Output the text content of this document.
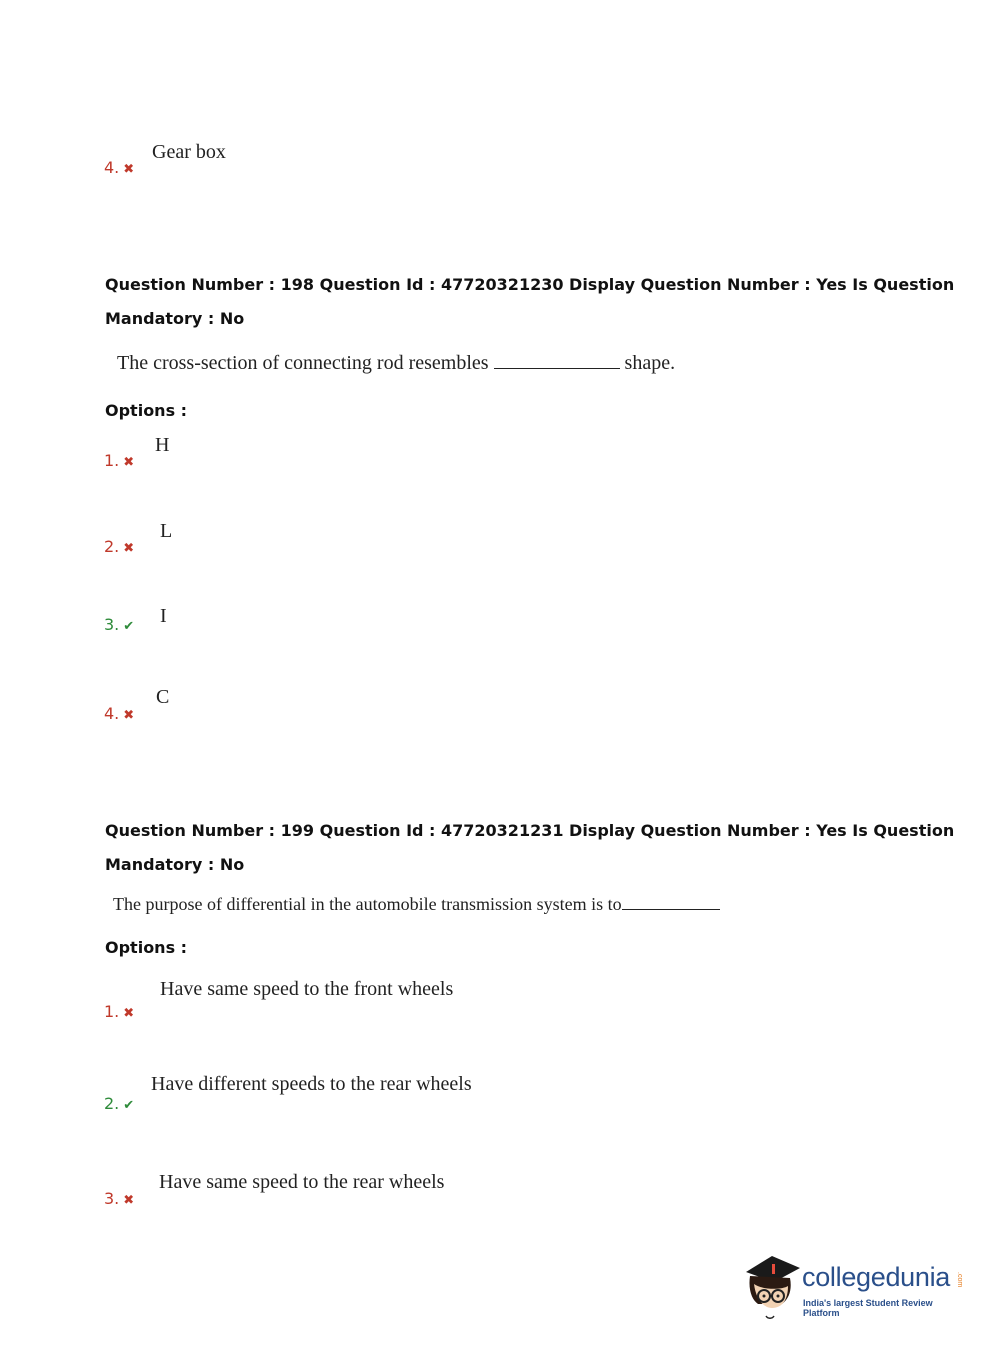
4. ✖
Gear box
Question Number : 198 Question Id : 47720321230 Display Question Number : Yes Is Question
Mandatory : No
The cross-section of connecting rod resembles	shape.
Options :
1. ✖
H
2. ✖
L
3. ✔ I
4. ✖
C
Question Number : 199 Question Id : 47720321231 Display Question Number : Yes Is Question
Mandatory : No
The purpose of differential in the automobile transmission system is to
Options :
1. ✖
Have same speed to the front wheels
2. ✔
Have different speeds to the rear wheels
3. ✖
Have same speed to the rear wheels
collegedunia .com
India's largest Student Review Platform
